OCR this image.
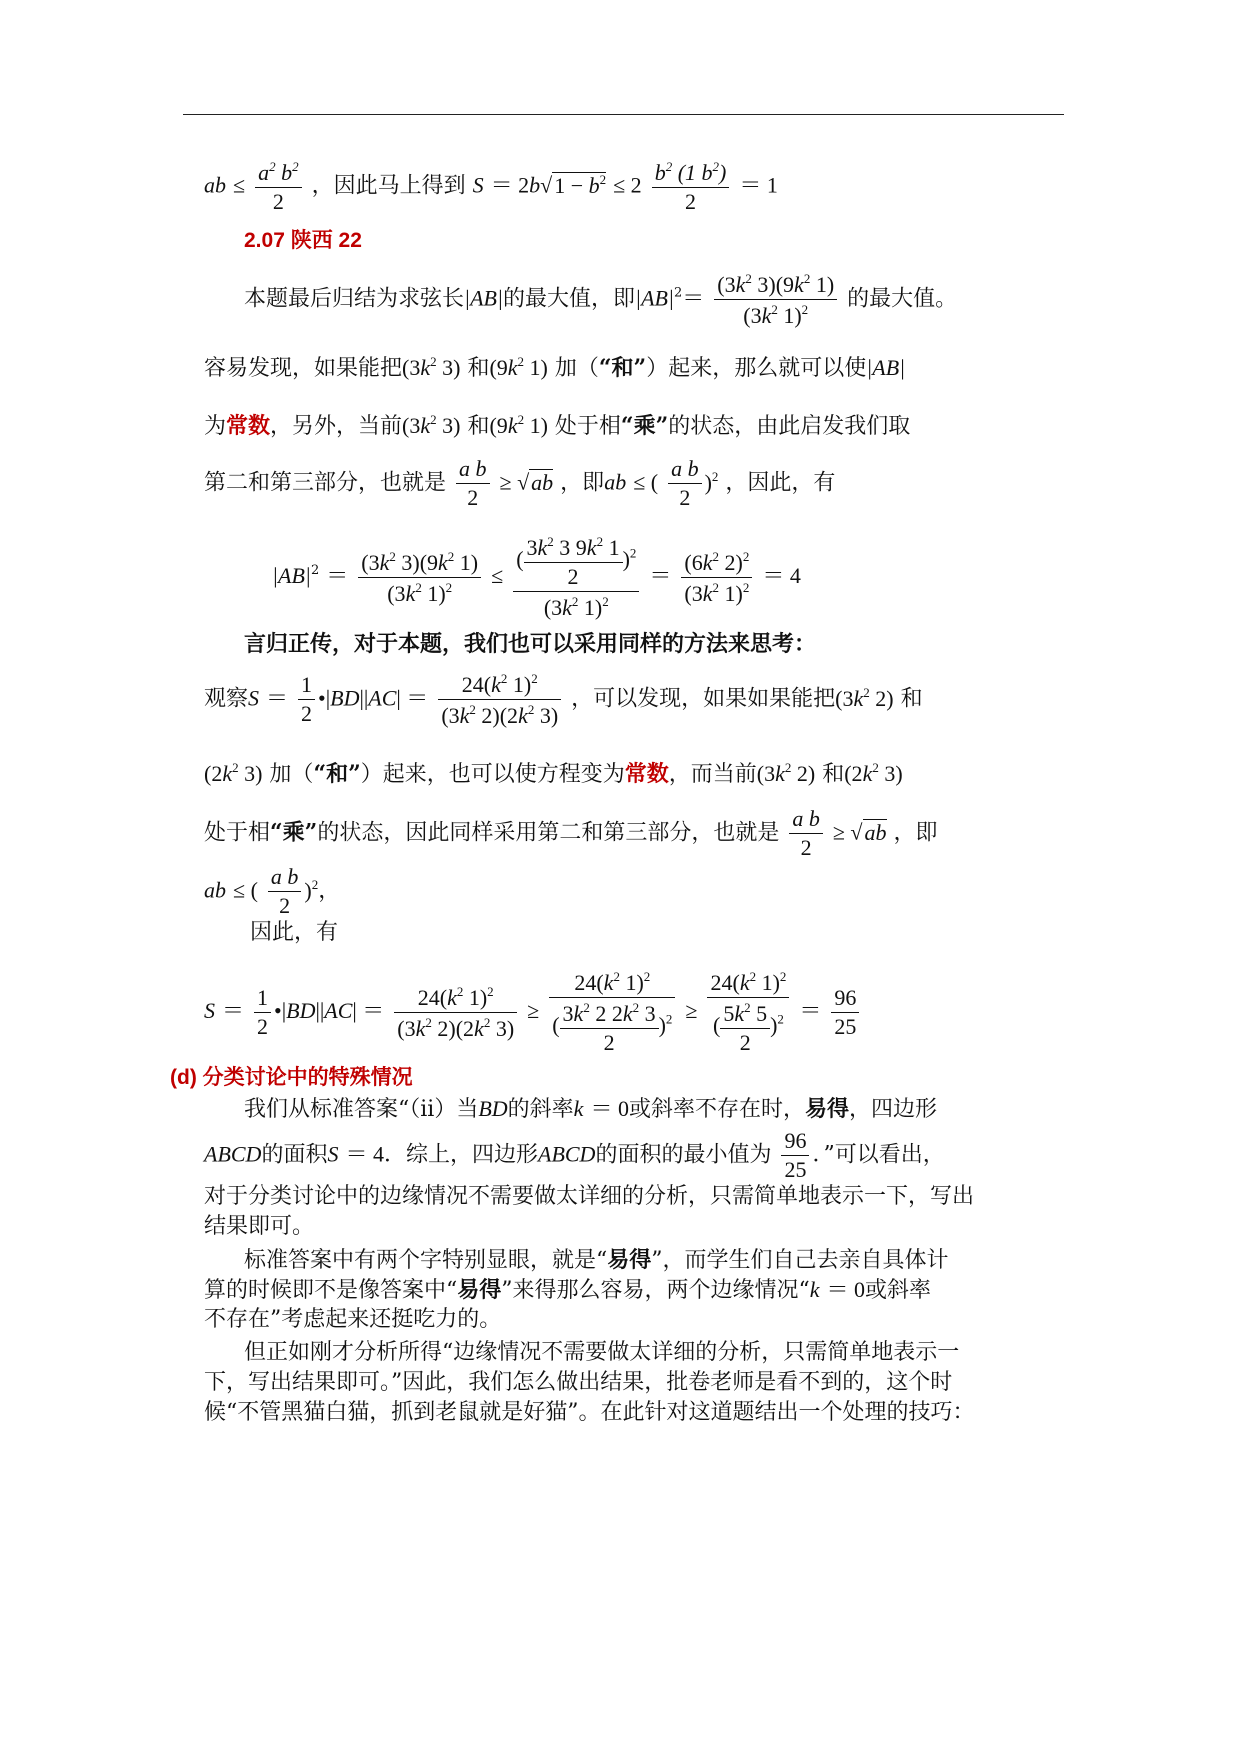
ab ≤ $\frac{a^2 b^2}{2}$ ，因此马上得到 $S = 2b√1 - b^2 \le 2 \frac{b^2 (1 b^2)}{2} = 1$
2.07 陕西 22
本题最后归结为求弦长|AB|的最大值，即$|AB|^2= \frac{(3k^2 3)(9k^2 1)}{(3k^2 1)^2}$ 的最大值。
容易发现，如果能把($3k^2$ 3) 和($9k^2$ 1) 加（“和”）起来，那么就可以使|AB|
为常数，另外，当前($3k^2$ 3) 和($9k^2$ 1) 处于相“乘”的状态，由此启发我们取
第二和第三部分，也就是 $\frac{\text{a b}}{2} \ge √ab$ ，即ab ≤ ( $\frac{\text{a b}}{2} )^2$ ，因此，有
$|AB|^2 = \frac{(3k^2 3)(9k^2 1)}{(3k^2 1)^2} \le \frac{( \frac{3k^2 3 9k^2 1}{2} )^2}{(3k^2 1)^2} = \frac{(6k^2 2)^2}{(3k^2 1)^2} = 4$
言归正传，对于本题，我们也可以采用同样的方法来思考：
观察$S = \frac{1}{2}$ •|BD||AC| ＝ $\frac{24(k^2 1)^2}{(3k^2 2)(2k^2 3)}$ ，可以发现，如果如果能把($3k^2$ 2) 和
($2k^2$ 3) 加（“和”）起来，也可以使方程变为常数，而当前($3k^2$ 2) 和($2k^2$ 3)
处于相“乘”的状态，因此同样采用第二和第三部分，也就是 $\frac{\text{a b}}{2} \ge √ab$ ，即
ab ≤ ( $\frac{\text{a b}}{2} )^2$，
因此，有
$S = \frac{1}{2}$ •|BD||AC| ＝ $\frac{24(k^2 1)^2}{(3k^2 2)(2k^2 3)} \ge \frac{24(k^2 1)^2}{( \frac{3k^2 2 2k^2 3}{2} )^2} \ge \frac{24(k^2 1)^2}{( \frac{5k^2 5}{2} )^2} = \frac{96}{25}$
(d) 分类讨论中的特殊情况
我们从标准答案“（ii）当BD的斜率k ＝ 0或斜率不存在时，易得，四边形
ABCD的面积S ＝ 4．综上，四边形ABCD的面积的最小值为 $\frac{96}{25}$ ．”可以看出，
对于分类讨论中的边缘情况不需要做太详细的分析，只需简单地表示一下，写出
结果即可。
标准答案中有两个字特别显眼，就是“易得”，而学生们自己去亲自具体计
算的时候即不是像答案中“易得”来得那么容易，两个边缘情况“k ＝ 0或斜率
不存在”考虑起来还挺吃力的。
但正如刚才分析所得“边缘情况不需要做太详细的分析，只需简单地表示一
下，写出结果即可。”因此，我们怎么做出结果，批卷老师是看不到的，这个时
候“不管黑猫白猫，抓到老鼠就是好猫”。在此针对这道题结出一个处理的技巧：
